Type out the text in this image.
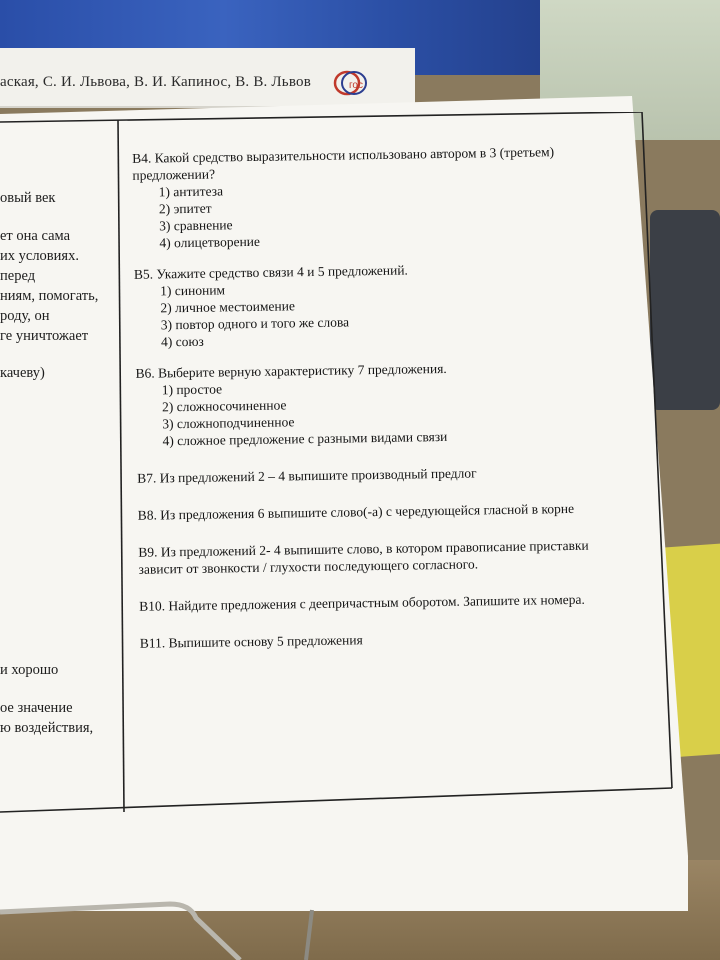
аская, С. И. Львова, В. И. Капинос, В. В. Львов	гос
овый век
ет она сама
их условиях.
перед
ниям, помогать,
роду, он
ге уничтожает
качеву)
и хорошо
ое значение
ю воздействия,
В4. Какой средство выразительности использовано автором в 3 (третьем)
предложении?
1) антитеза
2) эпитет
3) сравнение
4) олицетворение
В5. Укажите средство связи 4 и 5 предложений.
1) синоним
2) личное местоимение
3) повтор одного и того же слова
4) союз
В6. Выберите верную характеристику 7 предложения.
1) простое
2) сложносочиненное
3) сложноподчиненное
4) сложное предложение с разными видами связи
В7. Из предложений 2 – 4 выпишите производный предлог
В8. Из предложения 6 выпишите слово(-а) с чередующейся гласной в корне
В9. Из предложений 2- 4 выпишите слово, в котором правописание приставки
зависит от звонкости / глухости последующего согласного.
В10. Найдите предложения с деепричастным оборотом. Запишите их номера.
В11. Выпишите основу 5 предложения
